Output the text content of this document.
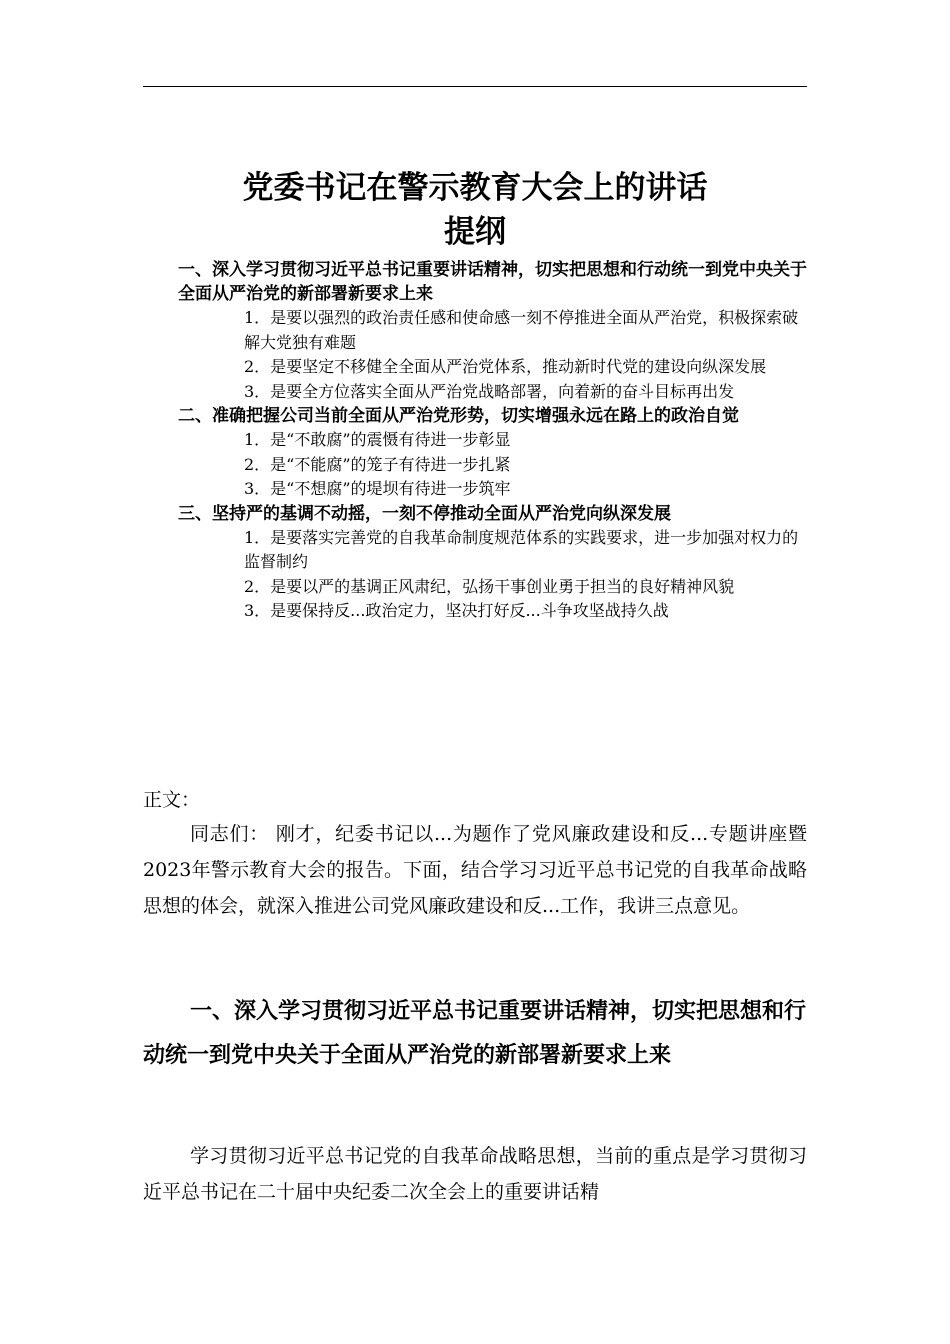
党委书记在警示教育大会上的讲话
提纲
一、深入学习贯彻习近平总书记重要讲话精神，切实把思想和行动统一到党中央关于全面从严治党的新部署新要求上来
1．是要以强烈的政治责任感和使命感一刻不停推进全面从严治党，积极探索破解大党独有难题
2．是要坚定不移健全全面从严治党体系，推动新时代党的建设向纵深发展
3．是要全方位落实全面从严治党战略部署，向着新的奋斗目标再出发
二、准确把握公司当前全面从严治党形势，切实增强永远在路上的政治自觉
1．是“不敢腐”的震慑有待进一步彰显
2．是“不能腐”的笼子有待进一步扎紧
3．是“不想腐”的堤坝有待进一步筑牢
三、坚持严的基调不动摇，一刻不停推动全面从严治党向纵深发展
1．是要落实完善党的自我革命制度规范体系的实践要求，进一步加强对权力的监督制约
2．是要以严的基调正风肃纪，弘扬干事创业勇于担当的良好精神风貌
3．是要保持反...政治定力，坚决打好反...斗争攻坚战持久战
正文：
同志们： 刚才，纪委书记以...为题作了党风廉政建设和反...专题讲座暨2023年警示教育大会的报告。下面，结合学习习近平总书记党的自我革命战略思想的体会，就深入推进公司党风廉政建设和反...工作，我讲三点意见。
一、深入学习贯彻习近平总书记重要讲话精神，切实把思想和行动统一到党中央关于全面从严治党的新部署新要求上来
学习贯彻习近平总书记党的自我革命战略思想，当前的重点是学习贯彻习近平总书记在二十届中央纪委二次全会上的重要讲话精
